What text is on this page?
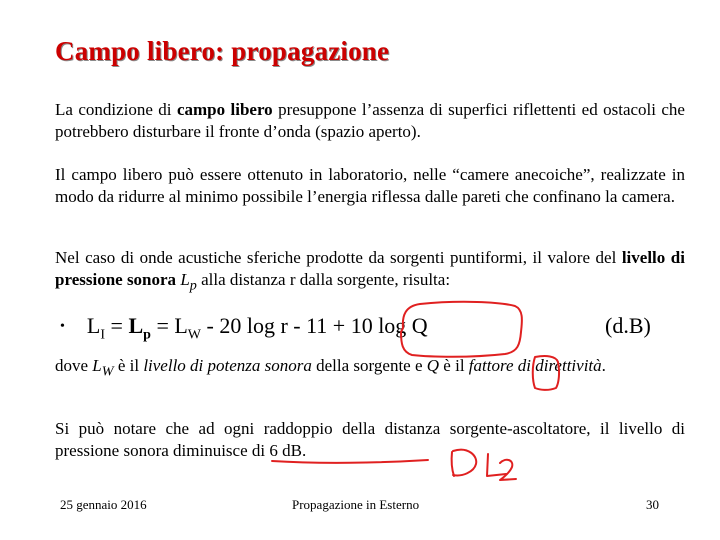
Campo libero: propagazione
La condizione di campo libero presuppone l’assenza di superfici riflettenti ed ostacoli che potrebbero disturbare il fronte d’onda (spazio aperto).
Il campo libero può essere ottenuto in laboratorio, nelle “camere anecoiche”, realizzate in modo da ridurre al minimo possibile l’energia riflessa dalle pareti che confinano la camera.
Nel caso di onde acustiche sferiche prodotte da sorgenti puntiformi, il valore del livello di pressione sonora $L_p$ alla distanza r dalla sorgente, risulta:
• $L_I = L_p = L_W - 20$ log r - 11 + 10 log Q	(d.B)
dove $L_W$ è il livello di potenza sonora della sorgente e Q è il fattore di direttività.
Si può notare che ad ogni raddoppio della distanza sorgente-ascoltatore, il livello di pressione sonora diminuisce di 6 dB.
25 gennaio 2016	Propagazione in Esterno	30
